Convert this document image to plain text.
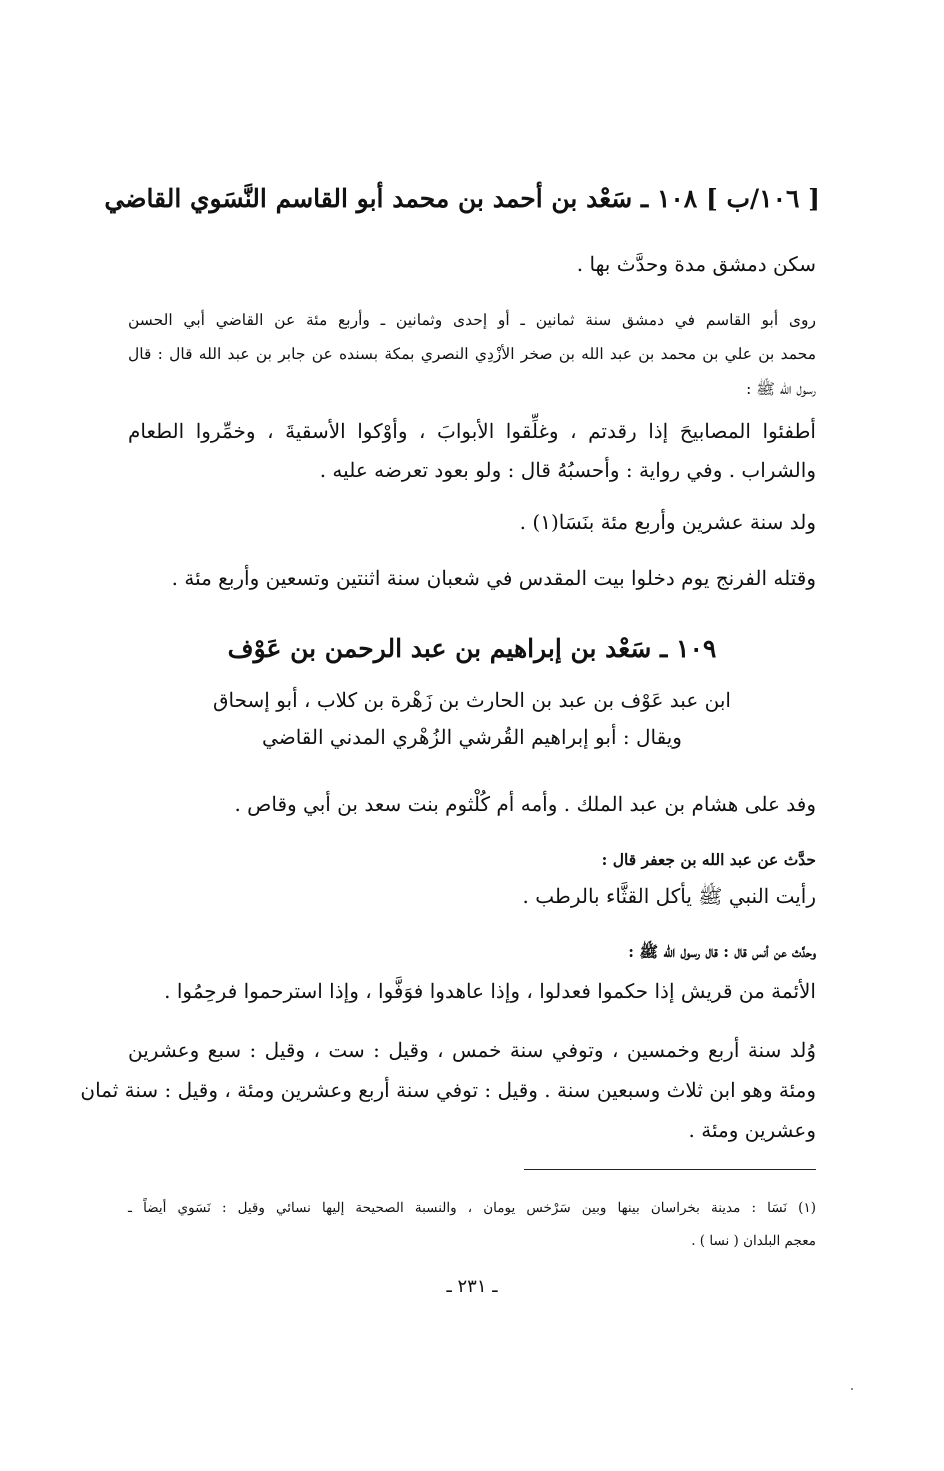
[ ١٠٦/ب ] ١٠٨ ـ سَعْد بن أحمد بن محمد أبو القاسم النَّسَوي القاضي
سكن دمشق مدة وحدَّث بها .
روى أبو القاسم في دمشق سنة ثمانين ـ أو إحدى وثمانين ـ وأربع مئة عن القاضي أبي الحسن
محمد بن علي بن محمد بن عبد الله بن صخر الأزْدِي النصري بمكة بسنده عن جابر بن عبد الله قال : قال
رسول الله ﷺ :
أطفئوا المصابيحَ إذا رقدتم ، وغلِّقوا الأبوابَ ، وأوْكوا الأسقيةَ ، وخمِّروا الطعام
والشراب . وفي رواية : وأحسبُهُ قال : ولو بعود تعرضه عليه .
ولد سنة عشرين وأربع مئة بنَسَا(١) .
وقتله الفرنج يوم دخلوا بيت المقدس في شعبان سنة اثنتين وتسعين وأربع مئة .
١٠٩ ـ سَعْد بن إبراهيم بن عبد الرحمن بن عَوْف
ابن عبد عَوْف بن عبد بن الحارث بن زَهْرة بن كلاب ، أبو إسحاق
ويقال : أبو إبراهيم القُرشي الزُهْري المدني القاضي
وفد على هشام بن عبد الملك . وأمه أم كُلْثوم بنت سعد بن أبي وقاص .
حدَّث عن عبد الله بن جعفر قال :
رأيت النبي ﷺ يأكل القثَّاء بالرطب .
وحدَّث عن أنس قال : قال رسول الله ﷺ :
الأئمة من قريش إذا حكموا فعدلوا ، وإذا عاهدوا فوَفَّوا ، وإذا استرحموا فرحِمُوا .
وُلد سنة أربع وخمسين ، وتوفي سنة خمس ، وقيل : ست ، وقيل : سبع وعشرين
ومئة وهو ابن ثلاث وسبعين سنة . وقيل : توفي سنة أربع وعشرين ومئة ، وقيل : سنة ثمان
وعشرين ومئة .
(١) نَسَا : مدينة بخراسان بينها وبين سَرْخس يومان ، والنسبة الصحيحة إليها نسائي وقيل : نَسَوي أيضاً ـ
معجم البلدان ( نسا ) .
ـ ٢٣١ ـ
